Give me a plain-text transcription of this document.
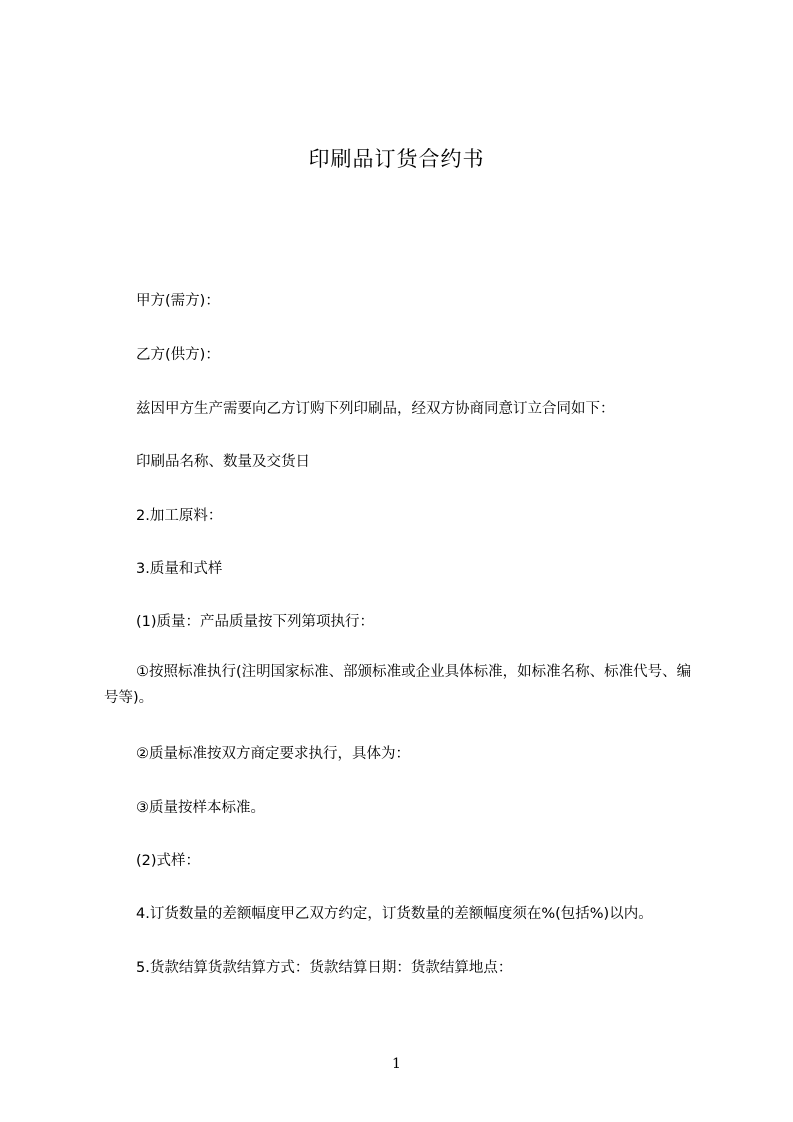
印刷品订货合约书

甲方(需方)：

乙方(供方)：

兹因甲方生产需要向乙方订购下列印刷品，经双方协商同意订立合同如下：

印刷品名称、数量及交货日

2.加工原料：

3.质量和式样

(1)质量：产品质量按下列第项执行：

①按照标准执行(注明国家标准、部颁标准或企业具体标准，如标准名称、标准代号、编号等)。

②质量标准按双方商定要求执行，具体为：

③质量按样本标准。

(2)式样：

4.订货数量的差额幅度甲乙双方约定，订货数量的差额幅度须在%(包括%)以内。

5.货款结算货款结算方式：货款结算日期：货款结算地点：

1
